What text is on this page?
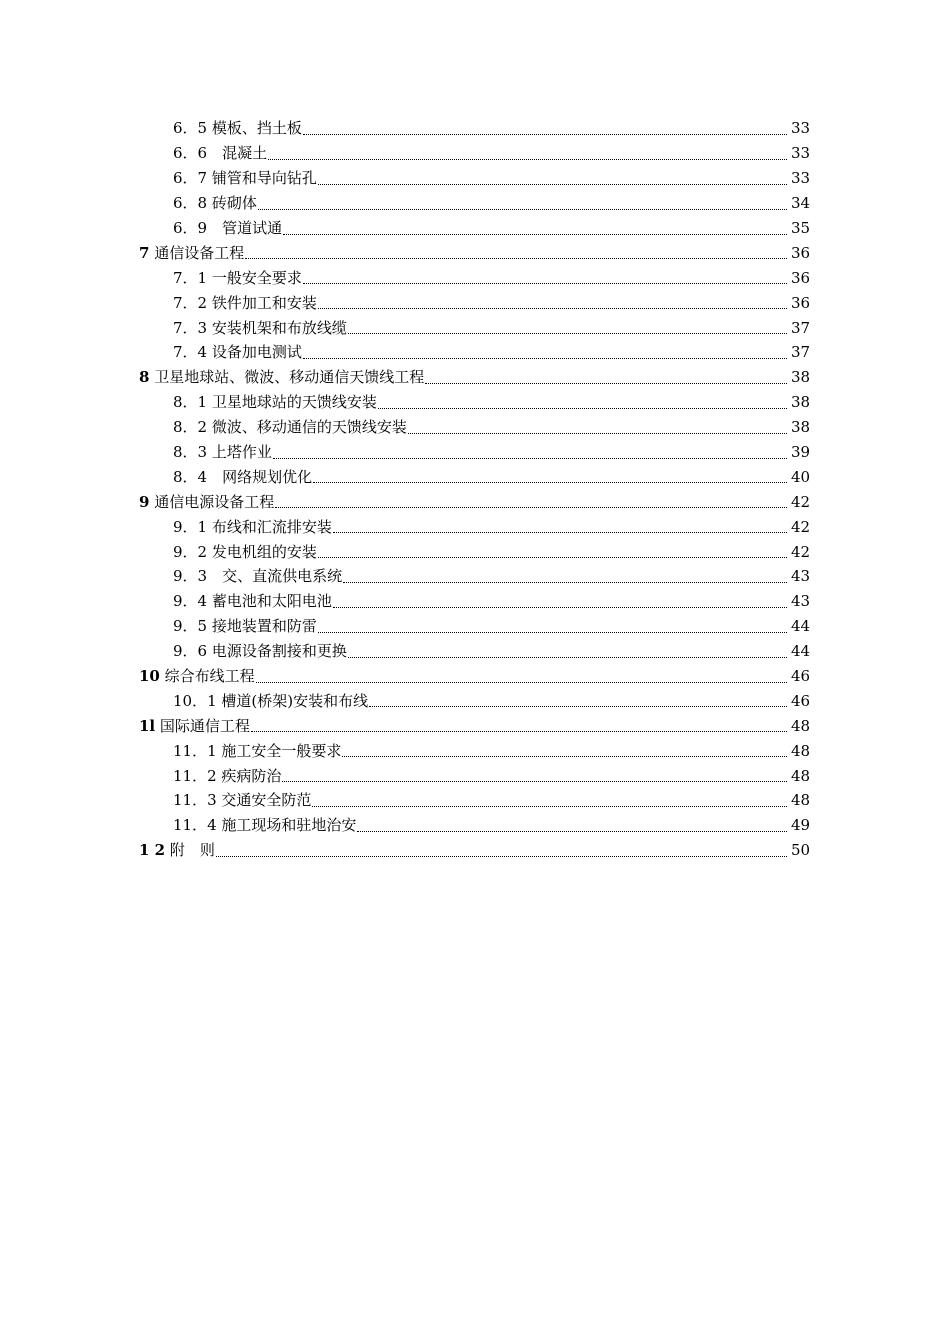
6．5 模板、挡土板	33
6．6　混凝土	33
6．7 铺管和导向钻孔	33
6．8 砖砌体	34
6．9　管道试通	35
7 通信设备工程	36
7．1 一般安全要求	36
7．2 铁件加工和安装	36
7．3 安装机架和布放线缆	37
7．4 设备加电测试	37
8 卫星地球站、微波、移动通信天馈线工程	38
8．1 卫星地球站的天馈线安装	38
8．2 微波、移动通信的天馈线安装	38
8．3 上塔作业	39
8．4　网络规划优化	40
9 通信电源设备工程	42
9．1 布线和汇流排安装	42
9．2 发电机组的安装	42
9．3　交、直流供电系统	43
9．4 蓄电池和太阳电池	43
9．5 接地装置和防雷	44
9．6 电源设备割接和更换	44
10 综合布线工程	46
10．1 槽道(桥架)安装和布线	46
1l 国际通信工程	48
11．1 施工安全一般要求	48
11．2 疾病防治	48
11．3 交通安全防范	48
11．4 施工现场和驻地治安	49
1 2 附　则	50
